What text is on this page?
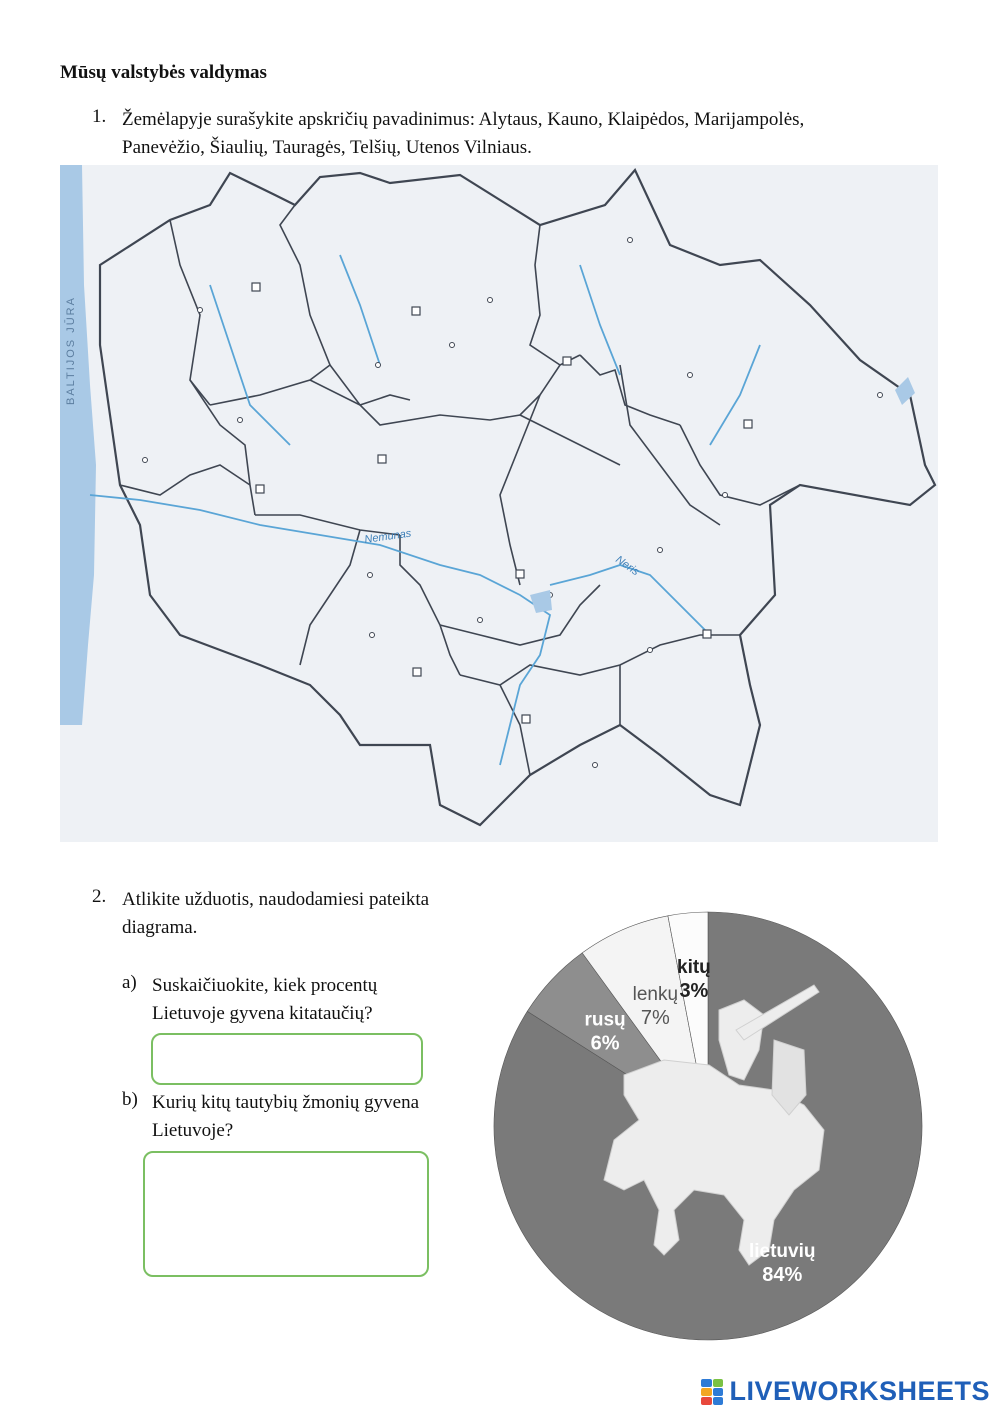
Mūsų valstybės valdymas
1. Žemėlapyje surašykite apskričių pavadinimus: Alytaus, Kauno, Klaipėdos, Marijampolės, Panevėžio, Šiaulių, Tauragės, Telšių, Utenos Vilniaus.
BALTIJOS JŪRA
Nemunas
Neris
2. Atlikite užduotis, naudodamiesi pateikta diagrama.
a) Suskaičiuokite, kiek procentų Lietuvoje gyvena kitataučių?
b) Kurių kitų tautybių žmonių gyvena Lietuvoje?
lietuvių
84%
rusų
6%
lenkų
7%
kitų
3%
LIVEWORKSHEETS
